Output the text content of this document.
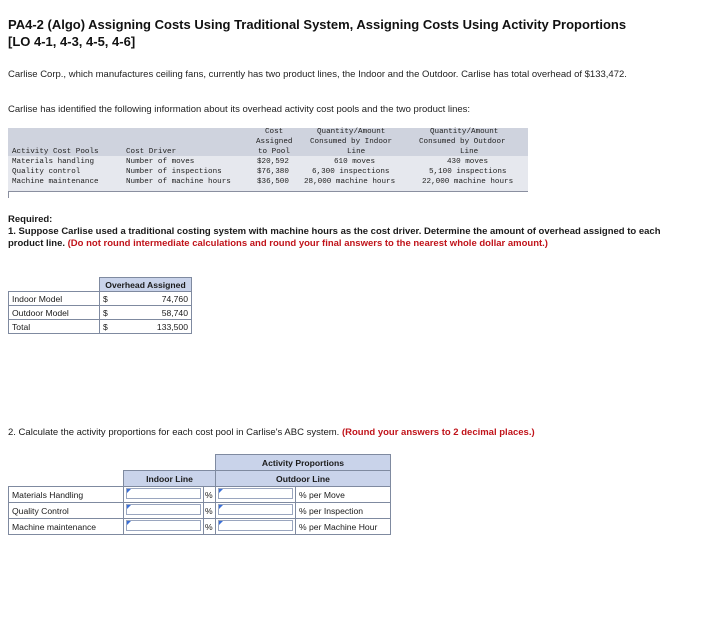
PA4-2 (Algo) Assigning Costs Using Traditional System, Assigning Costs Using Activity Proportions [LO 4-1, 4-3, 4-5, 4-6]
Carlise Corp., which manufactures ceiling fans, currently has two product lines, the Indoor and the Outdoor. Carlise has total overhead of $133,472.
Carlise has identified the following information about its overhead activity cost pools and the two product lines:
Cost
Assigned
to Pool
Quantity/Amount
Consumed by Indoor
Line
Quantity/Amount
Consumed by Outdoor
Line
Activity Cost Pools	Cost Driver
Materials handling	Number of moves	$20,592	610 moves	430 moves
Quality control	Number of inspections	$76,380	6,300 inspections	5,100 inspections
Machine maintenance	Number of machine hours	$36,500 28,000 machine hours	22,000 machine hours
Required:
1. Suppose Carlise used a traditional costing system with machine hours as the cost driver. Determine the amount of overhead assigned to each product line. (Do not round intermediate calculations and round your final answers to the nearest whole dollar amount.)
	Overhead Assigned	
Indoor Model	$	74,760
Outdoor Model	$	58,740
Total	$	133,500
2. Calculate the activity proportions for each cost pool in Carlise's ABC system. (Round your answers to 2 decimal places.)
			Activity Proportions	
	Indoor Line		Outdoor Line	
Materials Handling		%		% per Move
Quality Control		%		% per Inspection
Machine maintenance		%		% per Machine Hour
